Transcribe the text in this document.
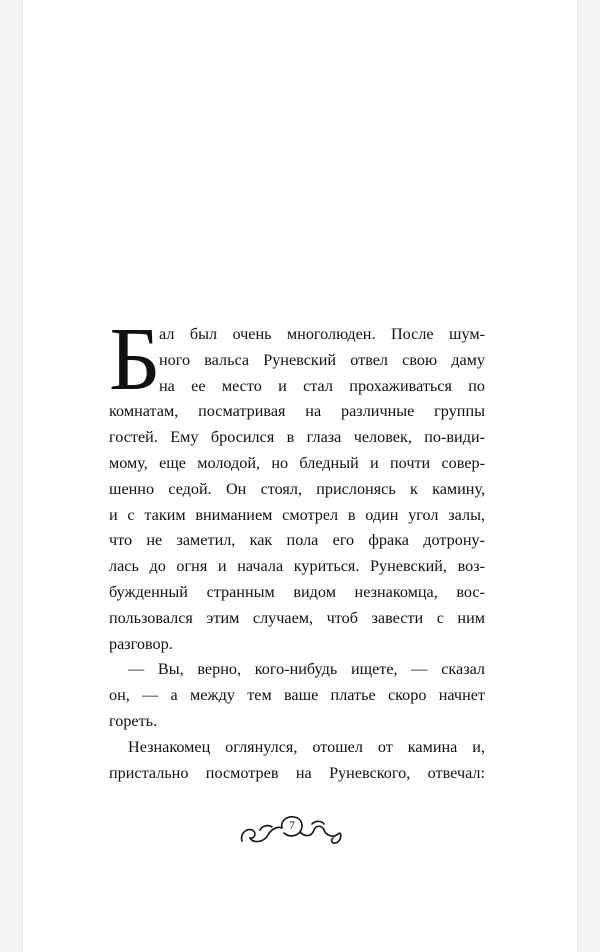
Б
ал был очень многолюден. После шум-
ного вальса Руневский отвел свою даму
на ее место и стал прохаживаться по
комнатам, посматривая на различные группы
гостей. Ему бросился в глаза человек, по-види-
мому, еще молодой, но бледный и почти совер-
шенно седой. Он стоял, прислонясь к камину,
и с таким вниманием смотрел в один угол залы,
что не заметил, как пола его фрака дотрону-
лась до огня и начала куриться. Руневский, воз-
бужденный странным видом незнакомца, вос-
пользовался этим случаем, чтоб завести с ним
разговор.
— Вы, верно, кого-нибудь ищете, — сказал
он, — а между тем ваше платье скоро начнет
гореть.
Незнакомец оглянулся, отошел от камина и,
пристально посмотрев на Руневского, отвечал:
7
